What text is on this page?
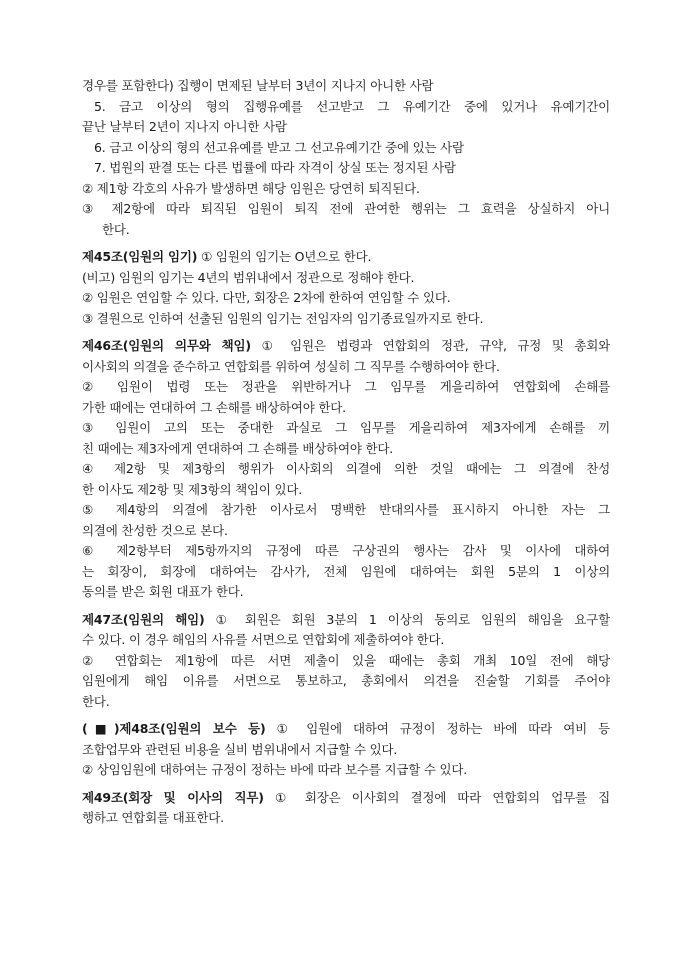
경우를 포함한다) 집행이 면제된 날부터 3년이 지나지 아니한 사람
5. 금고 이상의 형의 집행유예를 선고받고 그 유예기간 중에 있거나 유예기간이
끝난 날부터 2년이 지나지 아니한 사람
6. 금고 이상의 형의 선고유예를 받고 그 선고유예기간 중에 있는 사람
7. 법원의 판결 또는 다른 법률에 따라 자격이 상실 또는 정지된 사람
② 제1항 각호의 사유가 발생하면 해당 임원은 당연히 퇴직된다.
③ 제2항에 따라 퇴직된 임원이 퇴직 전에 관여한 행위는 그 효력을 상실하지 아니
한다.
제45조(임원의 임기) ① 임원의 임기는 O년으로 한다.
(비고) 임원의 임기는 4년의 범위내에서 정관으로 정해야 한다.
② 임원은 연임할 수 있다. 다만, 회장은 2차에 한하여 연임할 수 있다.
③ 결원으로 인하여 선출된 임원의 임기는 전임자의 임기종료일까지로 한다.
제46조(임원의 의무와 책임) ① 임원은 법령과 연합회의 정관, 규약, 규정 및 총회와
이사회의 의결을 준수하고 연합회를 위하여 성실히 그 직무를 수행하여야 한다.
② 임원이 법령 또는 정관을 위반하거나 그 임무를 게을리하여 연합회에 손해를
가한 때에는 연대하여 그 손해를 배상하여야 한다.
③ 임원이 고의 또는 중대한 과실로 그 임무를 게을리하여 제3자에게 손해를 끼
친 때에는 제3자에게 연대하여 그 손해를 배상하여야 한다.
④ 제2항 및 제3항의 행위가 이사회의 의결에 의한 것일 때에는 그 의결에 찬성
한 이사도 제2항 및 제3항의 책임이 있다.
⑤ 제4항의 의결에 참가한 이사로서 명백한 반대의사를 표시하지 아니한 자는 그
의결에 찬성한 것으로 본다.
⑥ 제2항부터 제5항까지의 규정에 따른 구상권의 행사는 감사 및 이사에 대하여
는 회장이, 회장에 대하여는 감사가, 전체 임원에 대하여는 회원 5분의 1 이상의
동의를 받은 회원 대표가 한다.
제47조(임원의 해임) ① 회원은 회원 3분의 1 이상의 동의로 임원의 해임을 요구할
수 있다. 이 경우 해임의 사유를 서면으로 연합회에 제출하여야 한다.
② 연합회는 제1항에 따른 서면 제출이 있을 때에는 총회 개최 10일 전에 해당
임원에게 해임 이유를 서면으로 통보하고, 총회에서 의견을 진술할 기회를 주어야
한다.
(■)제48조(임원의 보수 등) ① 임원에 대하여 규정이 정하는 바에 따라 여비 등
조합업무와 관련된 비용을 실비 범위내에서 지급할 수 있다.
② 상임임원에 대하여는 규정이 정하는 바에 따라 보수를 지급할 수 있다.
제49조(회장 및 이사의 직무) ① 회장은 이사회의 결정에 따라 연합회의 업무를 집
행하고 연합회를 대표한다.
